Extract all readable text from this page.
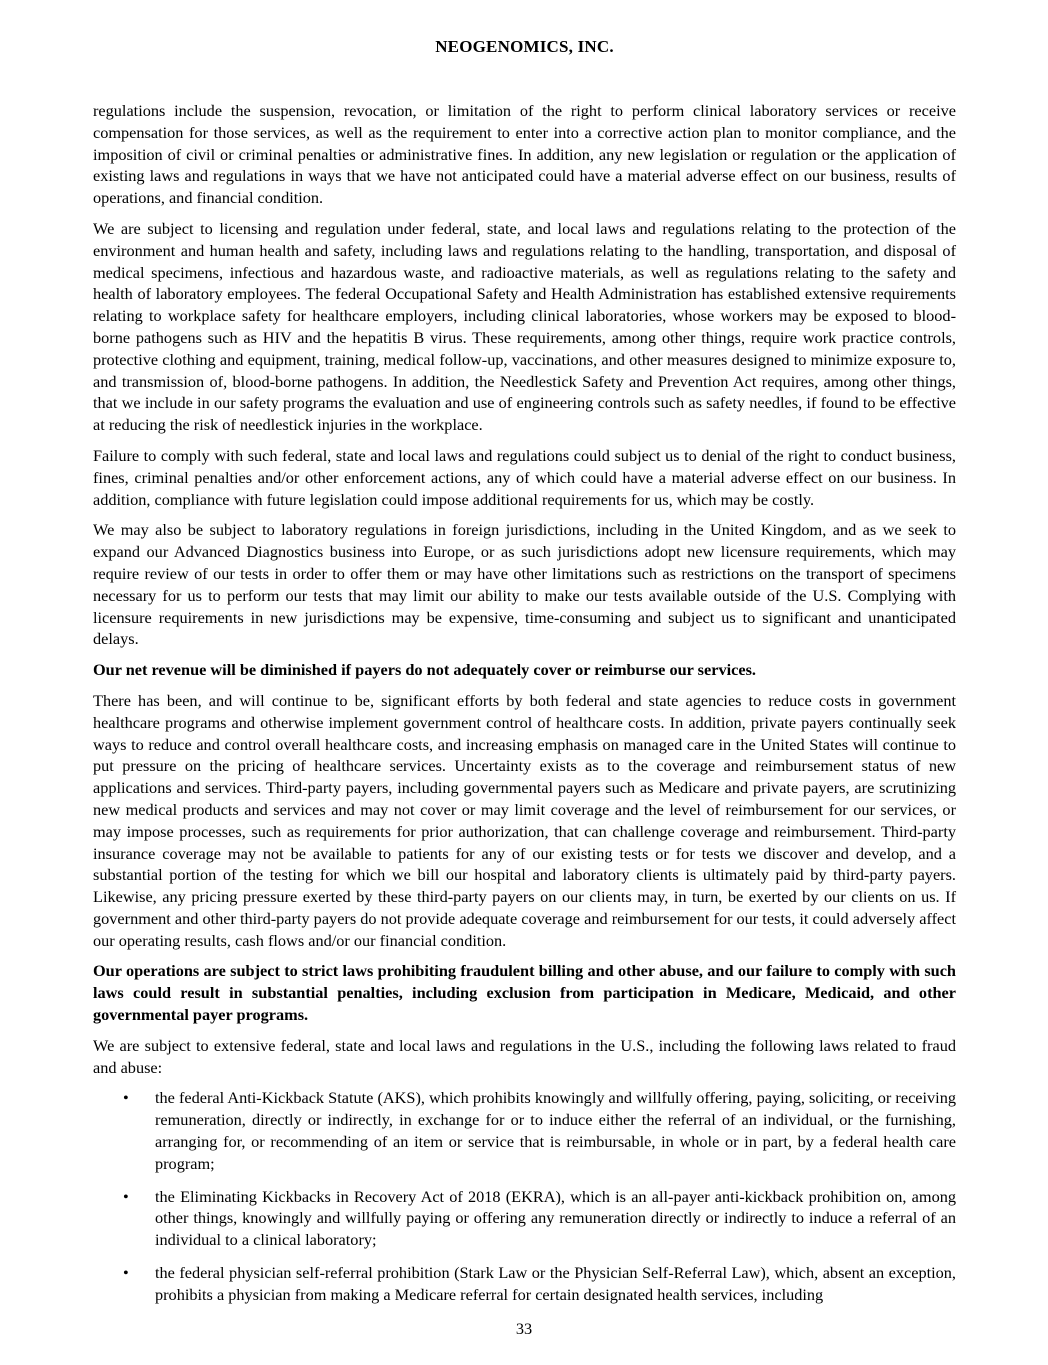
NEOGENOMICS, INC.

regulations include the suspension, revocation, or limitation of the right to perform clinical laboratory services or receive compensation for those services, as well as the requirement to enter into a corrective action plan to monitor compliance, and the imposition of civil or criminal penalties or administrative fines. In addition, any new legislation or regulation or the application of existing laws and regulations in ways that we have not anticipated could have a material adverse effect on our business, results of operations, and financial condition.

We are subject to licensing and regulation under federal, state, and local laws and regulations relating to the protection of the environment and human health and safety, including laws and regulations relating to the handling, transportation, and disposal of medical specimens, infectious and hazardous waste, and radioactive materials, as well as regulations relating to the safety and health of laboratory employees. The federal Occupational Safety and Health Administration has established extensive requirements relating to workplace safety for healthcare employers, including clinical laboratories, whose workers may be exposed to blood-borne pathogens such as HIV and the hepatitis B virus. These requirements, among other things, require work practice controls, protective clothing and equipment, training, medical follow-up, vaccinations, and other measures designed to minimize exposure to, and transmission of, blood-borne pathogens. In addition, the Needlestick Safety and Prevention Act requires, among other things, that we include in our safety programs the evaluation and use of engineering controls such as safety needles, if found to be effective at reducing the risk of needlestick injuries in the workplace.

Failure to comply with such federal, state and local laws and regulations could subject us to denial of the right to conduct business, fines, criminal penalties and/or other enforcement actions, any of which could have a material adverse effect on our business. In addition, compliance with future legislation could impose additional requirements for us, which may be costly.

We may also be subject to laboratory regulations in foreign jurisdictions, including in the United Kingdom, and as we seek to expand our Advanced Diagnostics business into Europe, or as such jurisdictions adopt new licensure requirements, which may require review of our tests in order to offer them or may have other limitations such as restrictions on the transport of specimens necessary for us to perform our tests that may limit our ability to make our tests available outside of the U.S. Complying with licensure requirements in new jurisdictions may be expensive, time-consuming and subject us to significant and unanticipated delays.

Our net revenue will be diminished if payers do not adequately cover or reimburse our services.

There has been, and will continue to be, significant efforts by both federal and state agencies to reduce costs in government healthcare programs and otherwise implement government control of healthcare costs. In addition, private payers continually seek ways to reduce and control overall healthcare costs, and increasing emphasis on managed care in the United States will continue to put pressure on the pricing of healthcare services. Uncertainty exists as to the coverage and reimbursement status of new applications and services. Third-party payers, including governmental payers such as Medicare and private payers, are scrutinizing new medical products and services and may not cover or may limit coverage and the level of reimbursement for our services, or may impose processes, such as requirements for prior authorization, that can challenge coverage and reimbursement. Third-party insurance coverage may not be available to patients for any of our existing tests or for tests we discover and develop, and a substantial portion of the testing for which we bill our hospital and laboratory clients is ultimately paid by third-party payers. Likewise, any pricing pressure exerted by these third-party payers on our clients may, in turn, be exerted by our clients on us. If government and other third-party payers do not provide adequate coverage and reimbursement for our tests, it could adversely affect our operating results, cash flows and/or our financial condition.

Our operations are subject to strict laws prohibiting fraudulent billing and other abuse, and our failure to comply with such laws could result in substantial penalties, including exclusion from participation in Medicare, Medicaid, and other governmental payer programs.

We are subject to extensive federal, state and local laws and regulations in the U.S., including the following laws related to fraud and abuse:

•	the federal Anti-Kickback Statute (AKS), which prohibits knowingly and willfully offering, paying, soliciting, or receiving remuneration, directly or indirectly, in exchange for or to induce either the referral of an individual, or the furnishing, arranging for, or recommending of an item or service that is reimbursable, in whole or in part, by a federal health care program;
•	the Eliminating Kickbacks in Recovery Act of 2018 (EKRA), which is an all-payer anti-kickback prohibition on, among other things, knowingly and willfully paying or offering any remuneration directly or indirectly to induce a referral of an individual to a clinical laboratory;
•	the federal physician self-referral prohibition (Stark Law or the Physician Self-Referral Law), which, absent an exception, prohibits a physician from making a Medicare referral for certain designated health services, including
33
